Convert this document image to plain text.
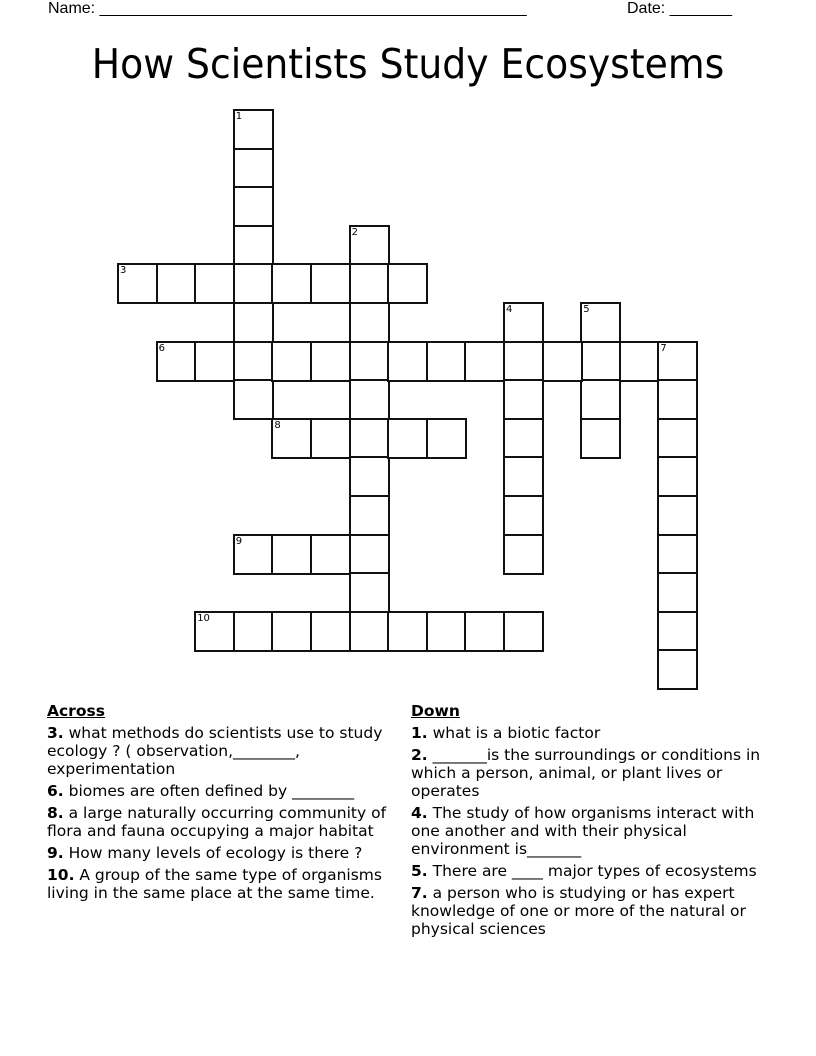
Name: ________________________________________________	Date: _______
How Scientists Study Ecosystems
1
2
3
4	5
6	7
8
9
10
Across
3. what methods do scientists use to study ecology ? ( observation,________, experimentation
6. biomes are often defined by ________
8. a large naturally occurring community of flora and fauna occupying a major habitat
9. How many levels of ecology is there ?
10. A group of the same type of organisms living in the same place at the same time.
Down
1. what is a biotic factor
2. _______is the surroundings or conditions in which a person, animal, or plant lives or operates
4. The study of how organisms interact with one another and with their physical environment is_______
5. There are ____ major types of ecosystems
7. a person who is studying or has expert knowledge of one or more of the natural or physical sciences
